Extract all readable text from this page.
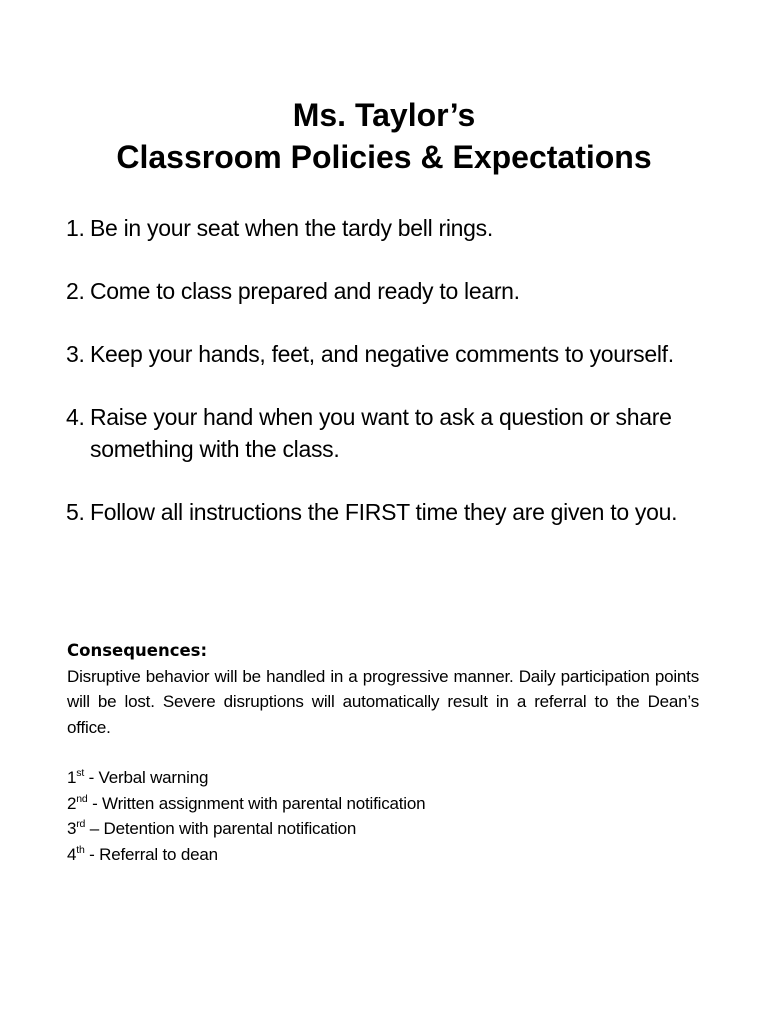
Ms. Taylor’s
Classroom Policies & Expectations
1. Be in your seat when the tardy bell rings.
2. Come to class prepared and ready to learn.
3. Keep your hands, feet, and negative comments to yourself.
4. Raise your hand when you want to ask a question or share something with the class.
5. Follow all instructions the FIRST time they are given to you.
Consequences:
Disruptive behavior will be handled in a progressive manner. Daily participation points will be lost. Severe disruptions will automatically result in a referral to the Dean’s office.
1st - Verbal warning
2nd - Written assignment with parental notification
3rd – Detention with parental notification
4th - Referral to dean
